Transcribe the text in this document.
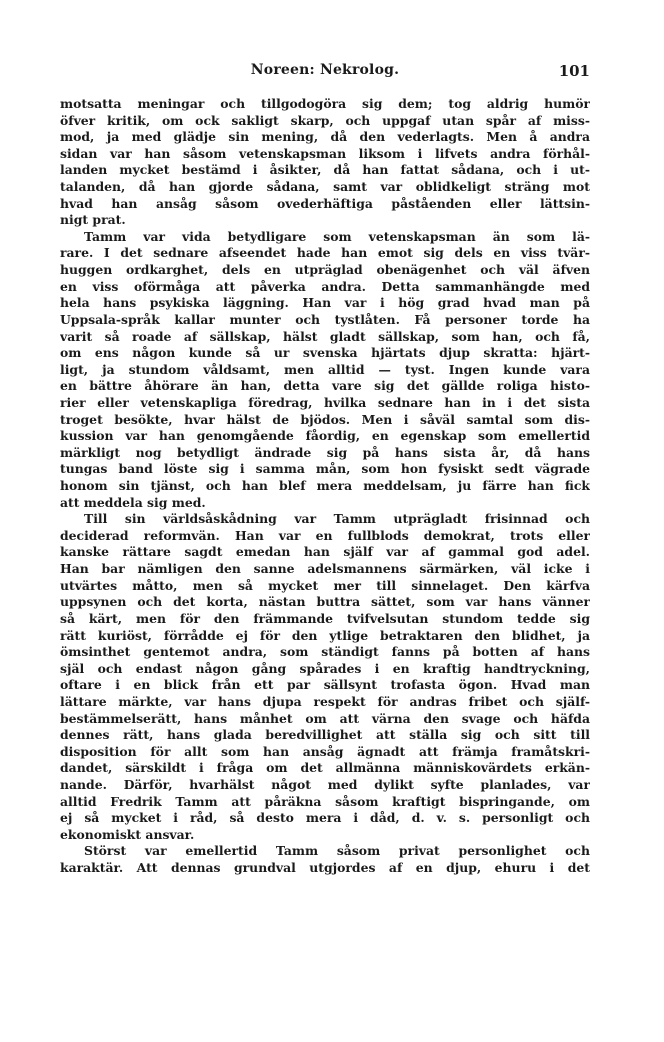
Noreen: Nekrolog.	101
motsatta meningar och tillgodogöra sig dem; tog aldrig humör
öfver kritik, om ock sakligt skarp, och uppgaf utan spår af miss-
mod, ja med glädje sin mening, då den vederlagts. Men å andra
sidan var han såsom vetenskapsman liksom i lifvets andra förhål-
landen mycket bestämd i åsikter, då han fattat sådana, och i ut-
talanden, då han gjorde sådana, samt var oblidkeligt sträng mot
hvad han ansåg såsom ovederhäftiga påståenden eller lättsin-
nigt prat.
Tamm var vida betydligare som vetenskapsman än som lä-
rare. I det sednare afseendet hade han emot sig dels en viss tvär-
huggen ordkarghet, dels en utpräglad obenägenhet och väl äfven
en viss oförmåga att påverka andra. Detta sammanhängde med
hela hans psykiska läggning. Han var i hög grad hvad man på
Uppsala-språk kallar munter och tystlåten. Få personer torde ha
varit så roade af sällskap, hälst gladt sällskap, som han, och få,
om ens någon kunde så ur svenska hjärtats djup skratta: hjärt-
ligt, ja stundom våldsamt, men alltid — tyst. Ingen kunde vara
en bättre åhörare än han, detta vare sig det gällde roliga histo-
rier eller vetenskapliga föredrag, hvilka sednare han in i det sista
troget besökte, hvar hälst de bjödos. Men i såväl samtal som dis-
kussion var han genomgående fåordig, en egenskap som emellertid
märkligt nog betydligt ändrade sig på hans sista år, då hans
tungas band löste sig i samma mån, som hon fysiskt sedt vägrade
honom sin tjänst, och han blef mera meddelsam, ju färre han fick
att meddela sig med.
Till sin världsåskådning var Tamm utprägladt frisinnad och
deciderad reformvän. Han var en fullblods demokrat, trots eller
kanske rättare sagdt emedan han själf var af gammal god adel.
Han bar nämligen den sanne adelsmannens särmärken, väl icke i
utvärtes måtto, men så mycket mer till sinnelaget. Den kärfva
uppsynen och det korta, nästan buttra sättet, som var hans vänner
så kärt, men för den främmande tvifvelsutan stundom tedde sig
rätt kuriöst, förrådde ej för den ytlige betraktaren den blidhet, ja
ömsinthet gentemot andra, som ständigt fanns på botten af hans
själ och endast någon gång spårades i en kraftig handtryckning,
oftare i en blick från ett par sällsynt trofasta ögon. Hvad man
lättare märkte, var hans djupa respekt för andras fribet och själf-
bestämmelserätt, hans månhet om att värna den svage och häfda
dennes rätt, hans glada beredvillighet att ställa sig och sitt till
disposition för allt som han ansåg ägnadt att främja framåtskri-
dandet, särskildt i fråga om det allmänna människovärdets erkän-
nande. Därför, hvarhälst något med dylikt syfte planlades, var
alltid Fredrik Tamm att påräkna såsom kraftigt bispringande, om
ej så mycket i råd, så desto mera i dåd, d. v. s. personligt och
ekonomiskt ansvar.
Störst var emellertid Tamm såsom privat personlighet och
karaktär. Att dennas grundval utgjordes af en djup, ehuru i det
